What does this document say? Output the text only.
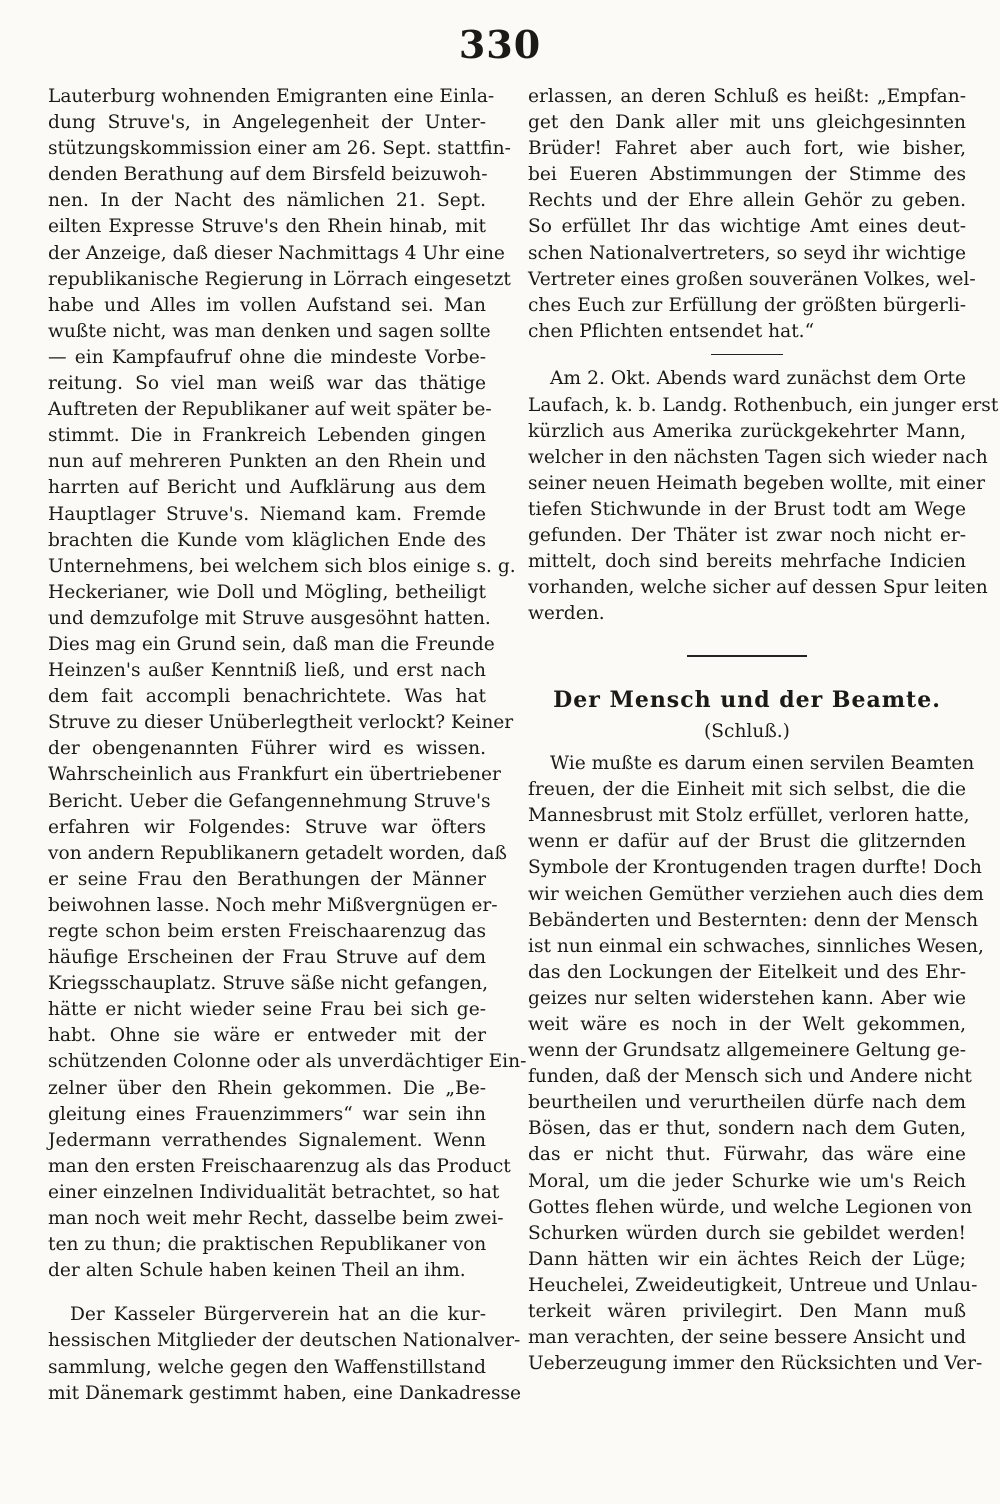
330

Lauterburg wohnenden Emigranten eine Einla-
dung Struve's, in Angelegenheit der Unter-
stützungskommission einer am 26. Sept. stattfin-
denden Berathung auf dem Birsfeld beizuwoh-
nen. In der Nacht des nämlichen 21. Sept.
eilten Expresse Struve's den Rhein hinab, mit
der Anzeige, daß dieser Nachmittags 4 Uhr eine
republikanische Regierung in Lörrach eingesetzt
habe und Alles im vollen Aufstand sei. Man
wußte nicht, was man denken und sagen sollte
— ein Kampfaufruf ohne die mindeste Vorbe-
reitung. So viel man weiß war das thätige
Auftreten der Republikaner auf weit später be-
stimmt. Die in Frankreich Lebenden gingen
nun auf mehreren Punkten an den Rhein und
harrten auf Bericht und Aufklärung aus dem
Hauptlager Struve's. Niemand kam. Fremde
brachten die Kunde vom kläglichen Ende des
Unternehmens, bei welchem sich blos einige s. g.
Heckerianer, wie Doll und Mögling, betheiligt
und demzufolge mit Struve ausgesöhnt hatten.
Dies mag ein Grund sein, daß man die Freunde
Heinzen's außer Kenntniß ließ, und erst nach
dem fait accompli benachrichtete. Was hat
Struve zu dieser Unüberlegtheit verlockt? Keiner
der obengenannten Führer wird es wissen.
Wahrscheinlich aus Frankfurt ein übertriebener
Bericht. Ueber die Gefangennehmung Struve's
erfahren wir Folgendes: Struve war öfters
von andern Republikanern getadelt worden, daß
er seine Frau den Berathungen der Männer
beiwohnen lasse. Noch mehr Mißvergnügen er-
regte schon beim ersten Freischaarenzug das
häufige Erscheinen der Frau Struve auf dem
Kriegsschauplatz. Struve säße nicht gefangen,
hätte er nicht wieder seine Frau bei sich ge-
habt. Ohne sie wäre er entweder mit der
schützenden Colonne oder als unverdächtiger Ein-
zelner über den Rhein gekommen. Die „Be-
gleitung eines Frauenzimmers“ war sein ihn
Jedermann verrathendes Signalement. Wenn
man den ersten Freischaarenzug als das Product
einer einzelnen Individualität betrachtet, so hat
man noch weit mehr Recht, dasselbe beim zwei-
ten zu thun; die praktischen Republikaner von
der alten Schule haben keinen Theil an ihm.

Der Kasseler Bürgerverein hat an die kur-
hessischen Mitglieder der deutschen Nationalver-
sammlung, welche gegen den Waffenstillstand
mit Dänemark gestimmt haben, eine Dankadresse

erlassen, an deren Schluß es heißt: „Empfan-
get den Dank aller mit uns gleichgesinnten
Brüder! Fahret aber auch fort, wie bisher,
bei Eueren Abstimmungen der Stimme des
Rechts und der Ehre allein Gehör zu geben.
So erfüllet Ihr das wichtige Amt eines deut-
schen Nationalvertreters, so seyd ihr wichtige
Vertreter eines großen souveränen Volkes, wel-
ches Euch zur Erfüllung der größten bürgerli-
chen Pflichten entsendet hat.“

Am 2. Okt. Abends ward zunächst dem Orte
Laufach, k. b. Landg. Rothenbuch, ein junger erst
kürzlich aus Amerika zurückgekehrter Mann,
welcher in den nächsten Tagen sich wieder nach
seiner neuen Heimath begeben wollte, mit einer
tiefen Stichwunde in der Brust todt am Wege
gefunden. Der Thäter ist zwar noch nicht er-
mittelt, doch sind bereits mehrfache Indicien
vorhanden, welche sicher auf dessen Spur leiten
werden.

Der Mensch und der Beamte.
(Schluß.)

Wie mußte es darum einen servilen Beamten
freuen, der die Einheit mit sich selbst, die die
Mannesbrust mit Stolz erfüllet, verloren hatte,
wenn er dafür auf der Brust die glitzernden
Symbole der Krontugenden tragen durfte! Doch
wir weichen Gemüther verziehen auch dies dem
Bebänderten und Besternten: denn der Mensch
ist nun einmal ein schwaches, sinnliches Wesen,
das den Lockungen der Eitelkeit und des Ehr-
geizes nur selten widerstehen kann. Aber wie
weit wäre es noch in der Welt gekommen,
wenn der Grundsatz allgemeinere Geltung ge-
funden, daß der Mensch sich und Andere nicht
beurtheilen und verurtheilen dürfe nach dem
Bösen, das er thut, sondern nach dem Guten,
das er nicht thut. Fürwahr, das wäre eine
Moral, um die jeder Schurke wie um's Reich
Gottes flehen würde, und welche Legionen von
Schurken würden durch sie gebildet werden!
Dann hätten wir ein ächtes Reich der Lüge;
Heuchelei, Zweideutigkeit, Untreue und Unlau-
terkeit wären privilegirt. Den Mann muß
man verachten, der seine bessere Ansicht und
Ueberzeugung immer den Rücksichten und Ver-
